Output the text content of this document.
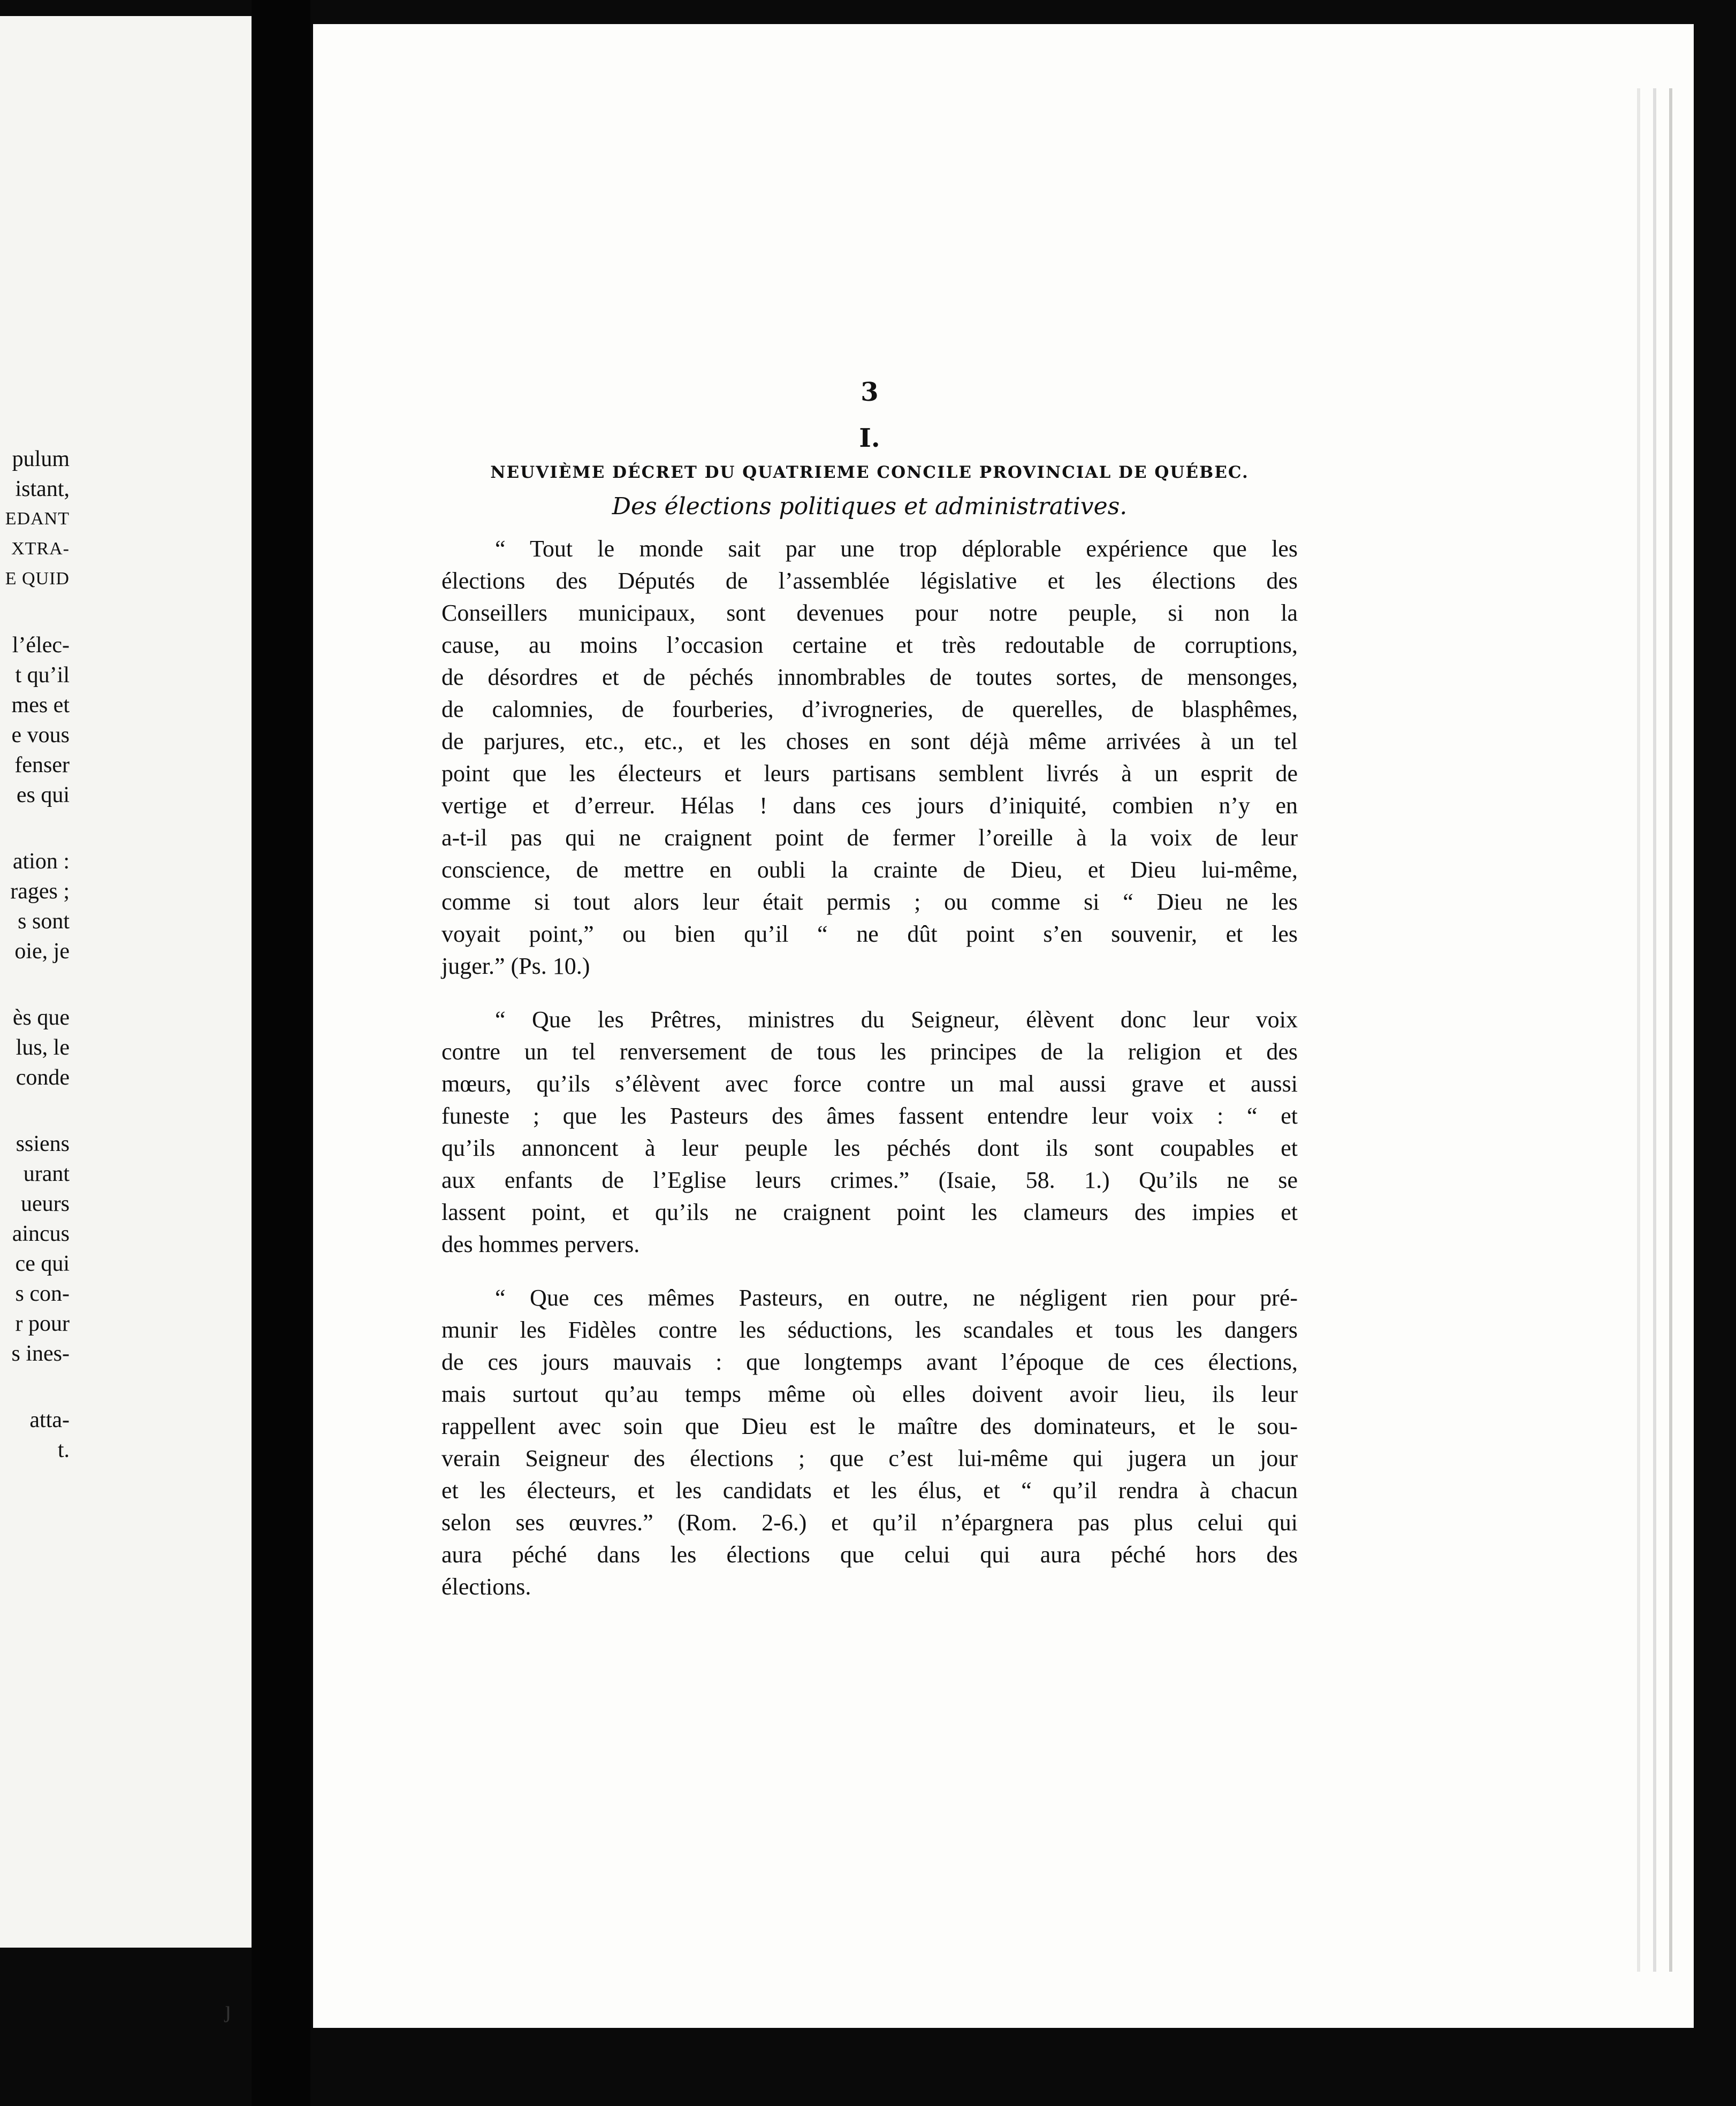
pulum
istant,
EDANT
XTRA-
E QUID
l’élec-
t qu’il
mes et
e vous
fenser
es qui
ation :
rages ;
s sont
oie, je
ès que
lus, le
conde
ssiens
urant
ueurs
aincus
ce qui
s con-
r pour
s ines-
atta-
t.
3
I.
NEUVIÈME DÉCRET DU QUATRIEME CONCILE PROVINCIAL DE QUÉBEC.
Des élections politiques et administratives.
“ Tout le monde sait par une trop déplorable expérience que les
élections des Députés de l’assemblée législative et les élections des
Conseillers municipaux, sont devenues pour notre peuple, si non la
cause, au moins l’occasion certaine et très redoutable de corruptions,
de désordres et de péchés innombrables de toutes sortes, de mensonges,
de calomnies, de fourberies, d’ivrogneries, de querelles, de blasphêmes,
de parjures, etc., etc., et les choses en sont déjà même arrivées à un tel
point que les électeurs et leurs partisans semblent livrés à un esprit de
vertige et d’erreur. Hélas ! dans ces jours d’iniquité, combien n’y en
a-t-il pas qui ne craignent point de fermer l’oreille à la voix de leur
conscience, de mettre en oubli la crainte de Dieu, et Dieu lui-même,
comme si tout alors leur était permis ; ou comme si “ Dieu ne les
voyait point,” ou bien qu’il “ ne dût point s’en souvenir, et les
juger.” (Ps. 10.)
“ Que les Prêtres, ministres du Seigneur, élèvent donc leur voix
contre un tel renversement de tous les principes de la religion et des
mœurs, qu’ils s’élèvent avec force contre un mal aussi grave et aussi
funeste ; que les Pasteurs des âmes fassent entendre leur voix : “ et
qu’ils annoncent à leur peuple les péchés dont ils sont coupables et
aux enfants de l’Eglise leurs crimes.” (Isaie, 58. 1.) Qu’ils ne se
lassent point, et qu’ils ne craignent point les clameurs des impies et
des hommes pervers.
“ Que ces mêmes Pasteurs, en outre, ne négligent rien pour pré-
munir les Fidèles contre les séductions, les scandales et tous les dangers
de ces jours mauvais : que longtemps avant l’époque de ces élections,
mais surtout qu’au temps même où elles doivent avoir lieu, ils leur
rappellent avec soin que Dieu est le maître des dominateurs, et le sou-
verain Seigneur des élections ; que c’est lui-même qui jugera un jour
et les électeurs, et les candidats et les élus, et “ qu’il rendra à chacun
selon ses œuvres.” (Rom. 2-6.) et qu’il n’épargnera pas plus celui qui
aura péché dans les élections que celui qui aura péché hors des
élections.
ȷ
